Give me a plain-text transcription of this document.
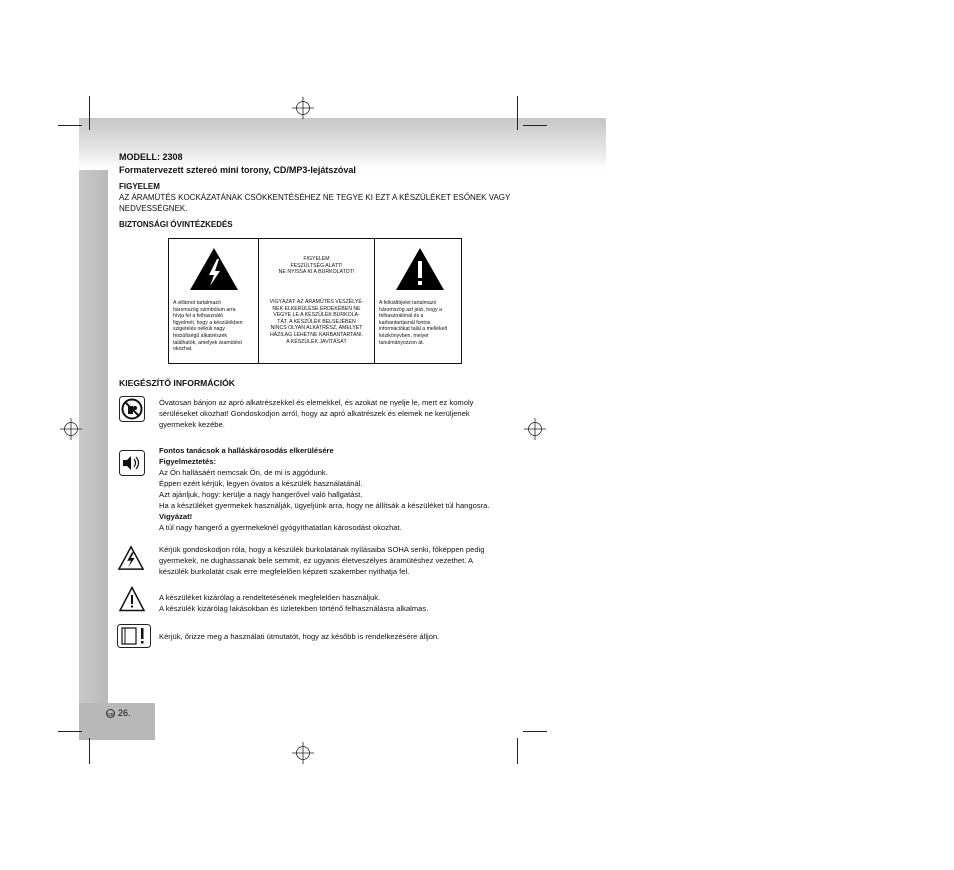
GB 26.
MODELL: 2308
Formatervezett sztereó mini torony, CD/MP3-lejátszóval
FIGYELEM
AZ ÁRAMÜTÉS KOCKÁZATÁNAK CSÖKKENTÉSÉHEZ NE TEGYE KI EZT A KÉSZÜLÉKET ESŐNEK VAGY
NEDVESSÉGNEK.
BIZTONSÁGI ÓVINTÉZKEDÉS
A villámot tartalmazó
háromszög szimbólum arra
hívja fel a felhasználó
figyelmét, hogy a készülékben
szigetelés nélküli nagy
feszültségű alkatrészek
találhatók, amelyek áramütést
okozhat.
FIGYELEM
FESZÜLTSÉG ALATT!
NE NYISSA KI A BURKOLATOT!
VIGYÁZAT: AZ ÁRAMÜTÉS VESZÉLYÉ-
NEK ELKERÜLÉSE ÉRDEKÉBEN NE
VEGYE LE A KÉSZÜLÉK BURKOLA-
TÁT. A KÉSZÜLÉK BELSEJÉBEN
NINCS OLYAN ALKATRÉSZ, AMELYET
HÁZILAG LEHETNE KARBANTARTANI.
A KÉSZÜLÉK JAVÍTÁSÁT
A felkiáltójelet tartalmazó
háromszög azt jelzi, hogy a
felhasználónál és a
karbantartásnál fontos
információkat talál a mellékelt
kézikönyvben, melyet
tanulmányozzon át.
KIEGÉSZÍTŐ INFORMÁCIÓK
Óvatosan bánjon az apró alkatrészekkel és elemekkel, és azokat ne nyelje le, mert ez komoly
sérüléseket okozhat! Gondoskodjon arról, hogy az apró alkatrészek és elemek ne kerüljenek
gyermekek kezébe.
Fontos tanácsok a halláskárosodás elkerülésére
Figyelmeztetés:
Az Ön hallásáért nemcsak Ön, de mi is aggódunk.
Éppen ezért kérjük, legyen óvatos a készülék használatánál.
Azt ajánljuk, hogy: kerülje a nagy hangerővel való hallgatást.
Ha a készüléket gyermekek használják, ügyeljünk arra, hogy ne állítsák a készüléket túl hangosra.
Vigyázat!
A túl nagy hangerő a gyermekeknél gyógyíthatatlan károsodást okozhat.
Kérjük gondoskodjon róla, hogy a készülék burkolatának nyílásaiba SOHA senki, főképpen pedig
gyermekek, ne dughassanak bele semmit, ez ugyanis életveszélyes áramütéshez vezethet. A
készülék burkolatát csak erre megfelelően képzett szakember nyithatja fel.
A készüléket kizárólag a rendeltetésének megfelelően használjuk.
A készülék kizárólag lakásokban és üzletekben történő felhasználásra alkalmas.
Kérjük, őrizze meg a használati útmutatót, hogy az később is rendelkezésére álljon.
